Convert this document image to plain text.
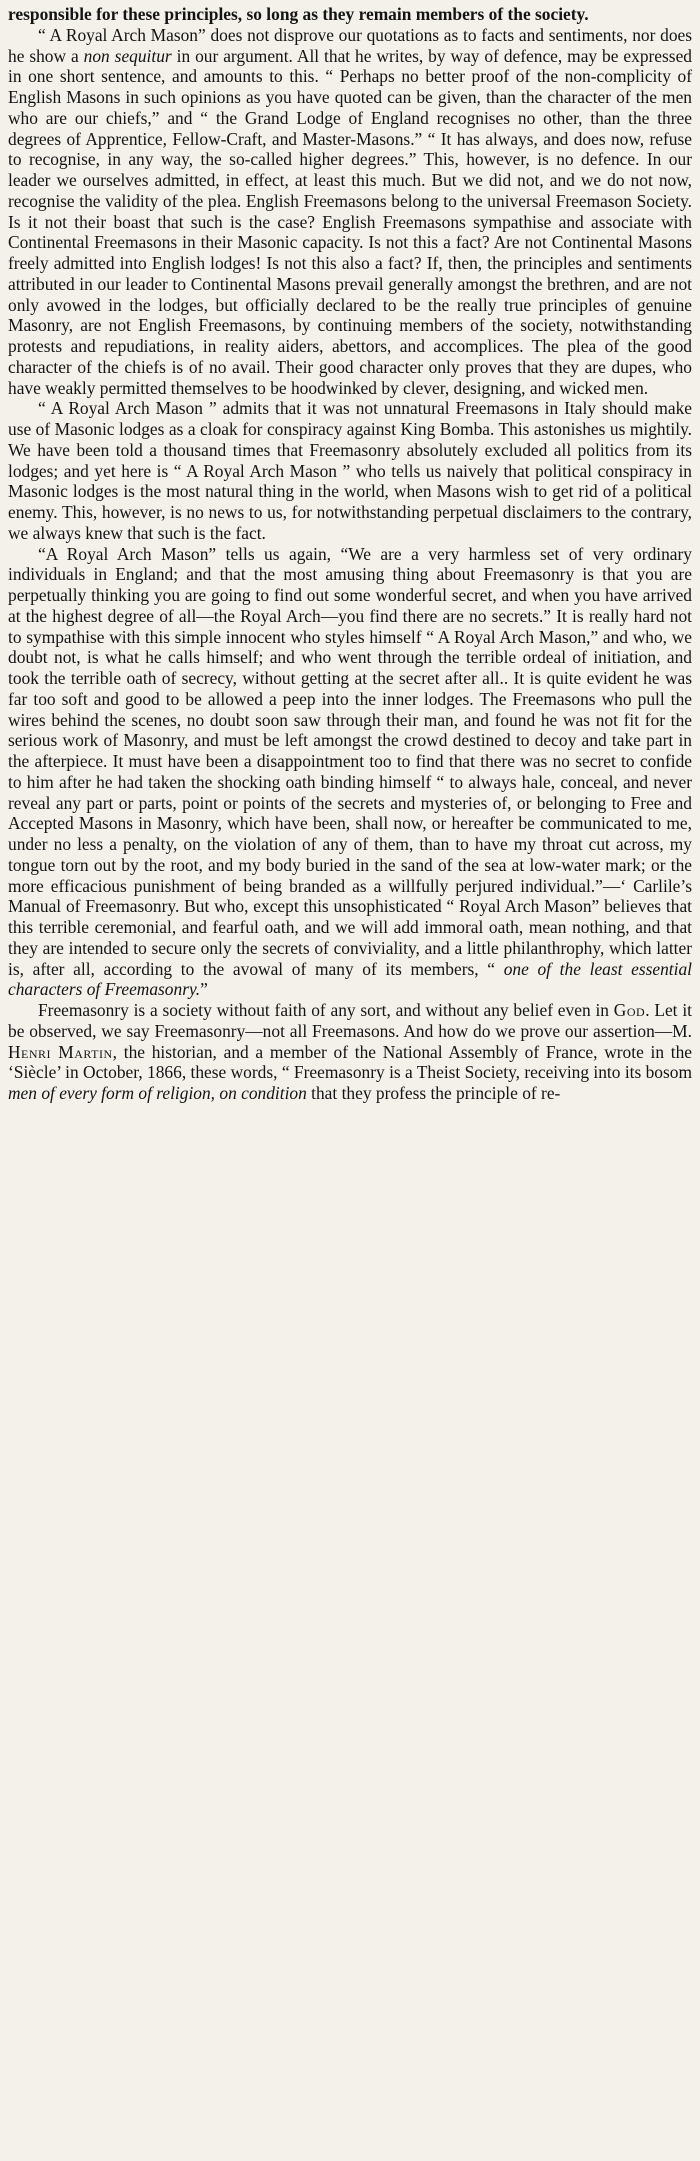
responsible for these principles, so long as they remain members of the society.

“ A Royal Arch Mason” does not disprove our quotations as to facts and sentiments, nor does he show a non sequitur in our argument. All that he writes, by way of defence, may be expressed in one short sentence, and amounts to this. “ Perhaps no better proof of the non-complicity of English Masons in such opinions as you have quoted can be given, than the character of the men who are our chiefs,” and “ the Grand Lodge of England recognises no other, than the three degrees of Apprentice, Fellow-Craft, and Master-Masons.” “ It has always, and does now, refuse to recognise, in any way, the so-called higher degrees.” This, however, is no defence. In our leader we ourselves admitted, in effect, at least this much. But we did not, and we do not now, recognise the validity of the plea. English Freemasons belong to the universal Freemason Society. Is it not their boast that such is the case? English Freemasons sympathise and associate with Continental Freemasons in their Masonic capacity. Is not this a fact? Are not Continental Masons freely admitted into English lodges! Is not this also a fact? If, then, the principles and sentiments attributed in our leader to Continental Masons prevail generally amongst the brethren, and are not only avowed in the lodges, but officially declared to be the really true principles of genuine Masonry, are not English Freemasons, by continuing members of the society, notwithstanding protests and repudiations, in reality aiders, abettors, and accomplices. The plea of the good character of the chiefs is of no avail. Their good character only proves that they are dupes, who have weakly permitted themselves to be hoodwinked by clever, designing, and wicked men.

“ A Royal Arch Mason ” admits that it was not unnatural Freemasons in Italy should make use of Masonic lodges as a cloak for conspiracy against King Bomba. This astonishes us mightily. We have been told a thousand times that Freemasonry absolutely excluded all politics from its lodges; and yet here is “ A Royal Arch Mason ” who tells us naively that political conspiracy in Masonic lodges is the most natural thing in the world, when Masons wish to get rid of a political enemy. This, however, is no news to us, for notwithstanding perpetual disclaimers to the contrary, we always knew that such is the fact.

“A Royal Arch Mason” tells us again, “We are a very harmless set of very ordinary individuals in England; and that the most amusing thing about Freemasonry is that you are perpetually thinking you are going to find out some wonderful secret, and when you have arrived at the highest degree of all—the Royal Arch—you find there are no secrets.” It is really hard not to sympathise with this simple innocent who styles himself “ A Royal Arch Mason,” and who, we doubt not, is what he calls himself; and who went through the terrible ordeal of initiation, and took the terrible oath of secrecy, without getting at the secret after all.. It is quite evident he was far too soft and good to be allowed a peep into the inner lodges. The Freemasons who pull the wires behind the scenes, no doubt soon saw through their man, and found he was not fit for the serious work of Masonry, and must be left amongst the crowd destined to decoy and take part in the afterpiece. It must have been a disappointment too to find that there was no secret to confide to him after he had taken the shocking oath binding himself “ to always hale, conceal, and never reveal any part or parts, point or points of the secrets and mysteries of, or belonging to Free and Accepted Masons in Masonry, which have been, shall now, or hereafter be communicated to me, under no less a penalty, on the violation of any of them, than to have my throat cut across, my tongue torn out by the root, and my body buried in the sand of the sea at low-water mark; or the more efficacious punishment of being branded as a willfully perjured individual.”—‘ Carlile’s Manual of Freemasonry. But who, except this unsophisticated “ Royal Arch Mason” believes that this terrible ceremonial, and fearful oath, and we will add immoral oath, mean nothing, and that they are intended to secure only the secrets of conviviality, and a little philanthrophy, which latter is, after all, according to the avowal of many of its members, “ one of the least essential characters of Freemasonry.”

Freemasonry is a society without faith of any sort, and without any belief even in God. Let it be observed, we say Freemasonry—not all Freemasons. And how do we prove our assertion—M. Henri Martin, the historian, and a member of the National Assembly of France, wrote in the ‘Siècle’ in October, 1866, these words, “ Freemasonry is a Theist Society, receiving into its bosom men of every form of religion, on condition that they profess the principle of re-
